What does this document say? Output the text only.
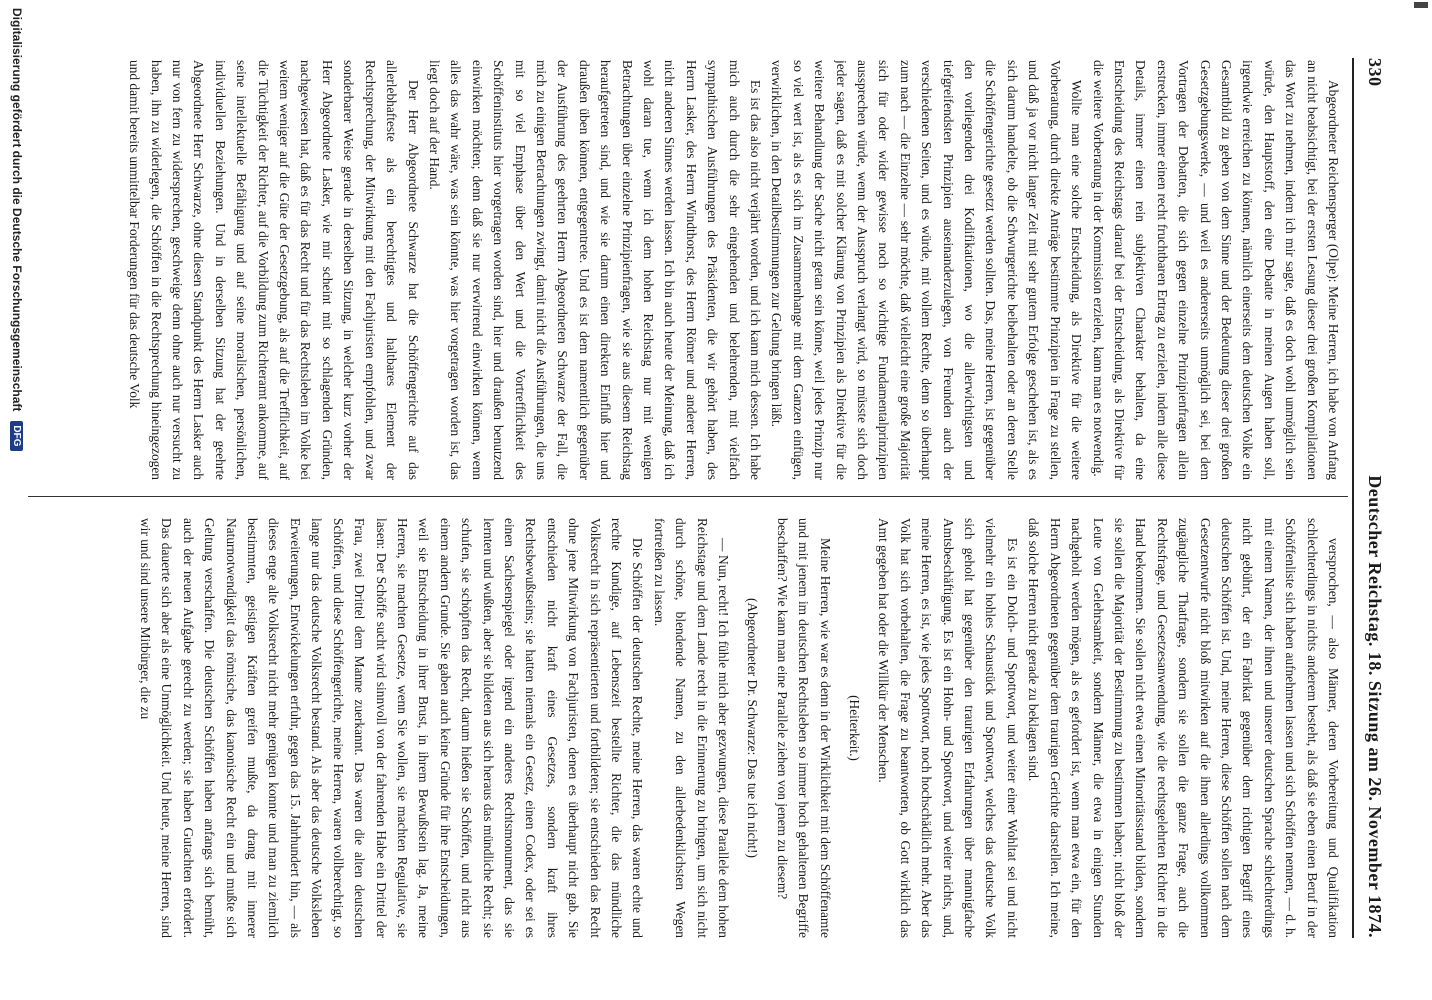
330
Deutscher Reichstag. 18. Sitzung am 26. November 1874.

Abgeordneter Reichensperger (Olpe): Meine Herren, ich habe von Anfang an nicht beabsichtigt, bei der ersten Lesung dieser drei großen Kompilationen das Wort zu nehmen, indem ich mir sagte, daß es doch wohl unmöglich sein würde, den Hauptstoff, den eine Debatte in meinen Augen haben soll, irgendwie erreichen zu können, nämlich einerseits dem deutschen Volke ein Gesamtbild zu geben von dem Sinne und der Bedeutung dieser drei großen Gesetzgebungswerke, — und weil es andererseits unmöglich sei, bei dem Vortragen der Debatten, die sich gegen einzelne Prinzipienfragen allein erstrecken, immer einen recht fruchtbaren Ertrag zu erzielen, indem alle diese Details, immer einen rein subjektiven Charakter behalten, da eine Entscheidung des Reichstags darauf bei der Entscheidung, als Direktive für die weitere Vorberatung in der Kommission erzielen, kann man es notwendig.

Wollte man eine solche Entscheidung, als Direktive für die weitere Vorberatung, durch direkte Anträge bestimmte Prinzipien in Frage zu stellen, und daß ja vor nicht langer Zeit mit sehr gutem Erfolge geschehen ist, als es sich darum handelte, ob die Schwurgerichte beibehalten oder an deren Stelle die Schöffengerichte gesetzt werden sollten. Das, meine Herren, ist gegenüber den vorliegenden drei Kodifikationen, wo die allerwichtigsten und tiefgreifendsten Prinzipien auseinanderzulegen, von Freunden auch der verschiedenen Seiten, und es würde, mit vollem Rechte, denn so überhaupt zum nach — die Einzelne — sehr möchte, daß vielleicht eine große Majorität sich für oder wider gewisse noch so wichtige Fundamentalprinzipien aussprechen würde, wenn der Ausspruch verlangt wird, so müsste sich doch jeder sagen, daß es mit solcher Klärung von Prinzipien als Direktive für die weitere Behandlung der Sache nicht getan sein könne, weil jedes Prinzip nur so viel wert ist, als es sich im Zusammenhange mit dem Ganzen einfügen, verwirklichen, in den Detailbestimmungen zur Geltung bringen läßt.

Es ist das also nicht verjährt worden, und ich kann mich dessen. Ich habe mich auch durch die sehr eingehenden und belehrenden, mit vielfach sympathischen Ausführungen des Präsidenten, die wir gehört haben, des Herrn Lasker, des Herrn Windthorst, des Herrn Römer und anderer Herren, nicht anderen Sinnes werden lassen. Ich bin auch heute der Meinung, daß ich wohl daran tue, wenn ich dem hohen Reichstag nur mit wenigen Betrachtungen über einzelne Prinzipienfragen, wie sie aus diesem Reichstag heraufgetreten sind, und wie sie darum einen direkten Einfluß hier und draußen üben können, entgegentrete. Und es ist dem namentlich gegenüber der Ausführung des geehrten Herrn Abgeordneten Schwarze der Fall, die mich zu einigen Betrachtungen zwingt, damit nicht die Ausführungen, die uns mit so viel Emphase über den Wert und die Vortrefflichkeit des Schöffeninstituts hier vorgetragen worden sind, hier und draußen benutzend einwirken möchten; denn daß sie nur verwirrend einwirken können, wenn alles das wahr wäre, was sein könnte, was hier vorgetragen worden ist, das liegt doch auf der Hand.

Der Herr Abgeordnete Schwarze hat die Schöffengerichte auf das allerlebhafteste als ein berechtigtes und haltbares Element der Rechtsprechung, der Mitwirkung mit den Fachjuristen empfohlen, und zwar sonderbarer Weise gerade in derselben Sitzung, in welcher kurz vorher der Herr Abgeordnete Lasker, wie mir scheint mit so schlagenden Gründen, nachgewiesen hat, daß es für das Recht und für das Rechtsleben im Volke bei weitem weniger auf die Güte der Gesetzgebung, als auf die Trefflichkeit, auf die Tüchtigkeit der Richter, auf die Vorbildung zum Richteramt ankomme, auf seine intellektuelle Befähigung und auf seine moralischen, persönlichen, individuellen Beziehungen. Und in derselben Sitzung hat der geehrte Abgeordnete Herr Schwarze, ohne diesen Standpunkt des Herrn Lasker auch nur von fern zu widersprechen, geschweige denn ohne auch nur versucht zu haben, ihn zu widerlegen, die Schöffen in die Rechtsprechung hineingezogen und damit bereits unmittelbar Forderungen für das deutsche Volk

versprochen, — also Männer, deren Vorbereitung und Qualifikation schlechterdings in nichts anderem besteht, als daß sie eben einen Beruf in der Schöffenliste sich haben aufnehmen lassen und sich Schöffen nennen, — d. h. mit einem Namen, der ihnen und unserer deutschen Sprache schlechterdings nicht gebührt, der ein Fabrikat gegenüber dem richtigen Begriff eines deutschen Schöffen ist. Und, meine Herren, diese Schöffen sollen nach dem Gesetzentwurfe nicht bloß mitwirken auf die ihnen allerdings vollkommen zugängliche Thatfrage, sondern sie sollen die ganze Frage, auch die Rechtsfrage, und Gesetzesanwendung, wie die rechtsgelehrten Richter in die Hand bekommen. Sie sollen nicht etwa einen Minoritätsstand bilden, sondern sie sollen die Majorität der Bestimmung zu bestimmen haben; nicht bloß der Leute von Gelehrsamkeit, sondern Männer, die etwa in einigen Stunden nachgeholt werden mögen, als es gefordert ist, wenn man etwa ein, für den Herrn Abgeordneten gegenüber dem traurigen Gerichte darstellen. Ich meine, daß solche Herren nicht gerade zu beklagen sind.

Es ist ein Dolch- und Spottwort, und weiter einer Wohltat sei und nicht vielmehr ein hohles Schaustück und Spottwort, welches das deutsche Volk sich geholt hat gegenüber den traurigen Erfahrungen über mannigfache Amtsbeschäftigung. Es ist ein Hohn- und Spottwort, und weiter nichts, und, meine Herren, es ist, wie jedes Spottwort, noch hochschädlich mehr. Aber das Volk hat sich vorbehalten, die Frage zu beantworten, ob Gott wirklich das Amt gegeben hat oder die Willkür der Menschen.

(Heiterkeit.)

Meine Herren, wie war es denn in der Wirklichkeit mit dem Schöffenamte und mit jenem im deutschen Rechtsleben so immer hoch gehaltenen Begriffe beschaffen? Wie kann man eine Parallele ziehen von jenem zu diesem?

(Abgeordneter Dr. Schwarze: Das tue ich nicht!)

— Nun, recht! Ich fühle mich aber gezwungen, diese Parallele dem hohen Reichstage und dem Lande recht in die Erinnerung zu bringen, um sich nicht durch schöne, blendende Namen, zu den allerbedenklichsten Wegen fortreißen zu lassen.

Die Schöffen der deutschen Rechte, meine Herren, das waren echte und rechte Kundige, auf Lebenszeit bestellte Richter, die das mündliche Volksrecht in sich repräsentierten und fortbildeten; sie entschieden das Recht ohne jene Mitwirkung von Fachjuristen, denen es überhaupt nicht gab. Sie entschieden nicht kraft eines Gesetzes, sondern kraft ihres Rechtsbewußtseins; sie hatten niemals ein Gesetz, einen Codex, oder sei es einen Sachsenspiegel oder irgend ein anderes Rechtsmonument, das sie lernten und wußten, aber sie bildeten aus sich heraus das mündliche Recht; sie schufen, sie schöpften das Recht, darum hießen sie Schöffen, und nicht aus einem andern Grunde. Sie gaben auch keine Gründe für ihre Entscheidungen, weil sie Entscheidung in ihrer Brust, in ihrem Bewußtsein lag. Ja, meine Herren, sie machten Gesetze, wenn Sie wollen, sie machten Regulative, sie lasen: Der Schöffe sucht wird sinnvoll von der fahrenden Habe ein Drittel der Frau, zwei Drittel dem Manne zuerkannt. Das waren die alten deutschen Schöffen, und diese Schöffengerichte, meine Herren, waren vollberechtigt, so lange nur das deutsche Volksrecht bestand. Als aber das deutsche Volksleben Erweiterungen, Entwickelungen erfuhr, gegen das 15. Jahrhundert hin, — als dieses enge alte Volksrecht nicht mehr genügen konnte und man zu ziemlich bestimmten, geistigen Kräften greifen mußte, da drang mit innerer Naturnotwendigkeit das römische, das kanonische Recht ein und mußte sich Geltung verschaffen. Die deutschen Schöffen haben anfangs sich bemüht, auch der neuen Aufgabe gerecht zu werden; sie haben Gutachten erfordert. Das dauerte sich aber als eine Unmöglichkeit. Und heute, meine Herren, sind wir und sind unsere Mitbürger, die zu

Digitalisierung gefördert durch die Deutsche Forschungsgemeinschaft
DFG
